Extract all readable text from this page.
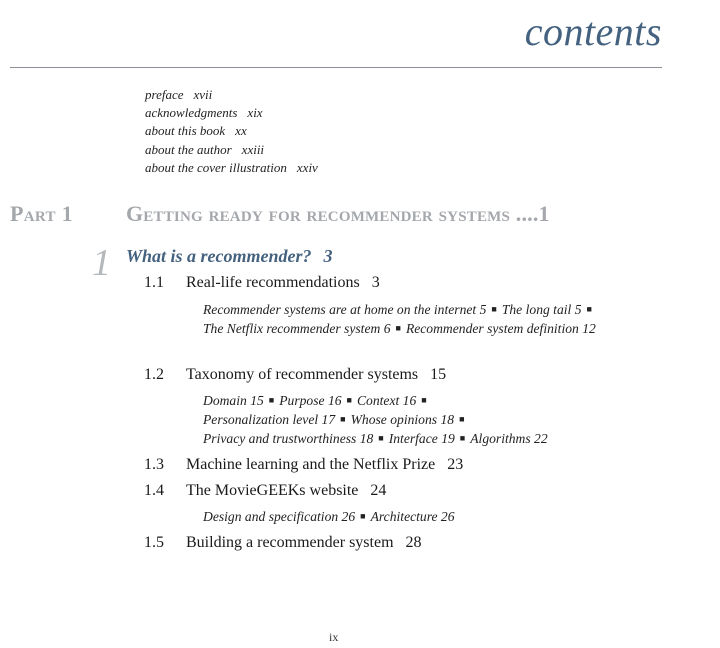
contents
preface xvii
acknowledgments xix
about this book xx
about the author xxiii
about the cover illustration xxiv
Part 1 Getting ready for recommender systems ....1
1 What is a recommender? 3
1.1 Real-life recommendations 3
Recommender systems are at home on the internet 5 ■ The long tail 5 ■
The Netflix recommender system 6 ■ Recommender system definition 12
1.2 Taxonomy of recommender systems 15
Domain 15 ■ Purpose 16 ■ Context 16 ■
Personalization level 17 ■ Whose opinions 18 ■
Privacy and trustworthiness 18 ■ Interface 19 ■ Algorithms 22
1.3 Machine learning and the Netflix Prize 23
1.4 The MovieGEEKs website 24
Design and specification 26 ■ Architecture 26
1.5 Building a recommender system 28
ix
